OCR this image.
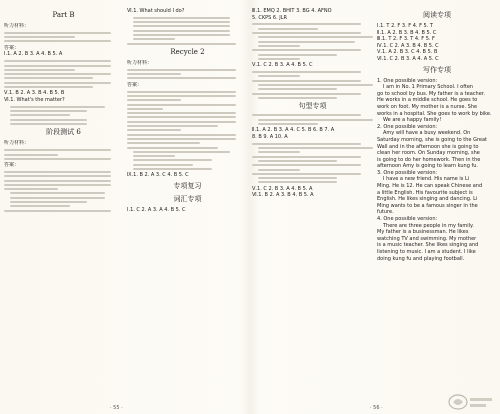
Part B
听力材料：
答案：
Ⅰ.1. A 2. B 3. A 4. B 5. A
Ⅴ.1. B 2. A 3. B 4. B 5. B
Ⅵ.1. What's the matter?
阶段测试 6
听力材料：
答案：
Ⅵ.1. What should I do?
Recycle 2
听力材料：
答案：
Ⅸ.1. B 2. A 3. C 4. B 5. C
专项复习
词汇专项
Ⅰ.1. C 2. A 3. A 4. B 5. C
Ⅲ.1. EMQ 2. BHIT 3. BG 4. AFNO
5. CKPS 6. JLR
Ⅴ.1. C 2. B 3. A 4. B 5. C
句型专项
Ⅱ.1. A 2. B 3. A 4. C 5. B 6. B 7. A
8. B 9. A 10. A
Ⅴ.1. C 2. B 3. A 4. B 5. A
Ⅵ.1. B 2. A 3. B 4. B 5. A
阅读专项
Ⅰ.1. T 2. F 3. F 4. F 5. T
Ⅱ.1. A 2. B 3. B 4. B 5. C
Ⅲ.1. T 2. F 3. T 4. F 5. F
Ⅳ.1. C 2. A 3. B 4. B 5. C
Ⅴ.1. A 2. B 3. C 4. B 5. B
Ⅵ.1. C 2. B 3. A 4. A 5. C
写作专项
1. One possible version：
I am in No. 1 Primary School. I often
go to school by bus. My father is a teacher.
He works in a middle school. He goes to
work on foot. My mother is a nurse. She
works in a hospital. She goes to work by bike.
We are a happy family!
2. One possible version：
Amy will have a busy weekend. On
Saturday morning, she is going to the Great
Wall and in the afternoon she is going to
clean her room. On Sunday morning, she
is going to do her homework. Then in the
afternoon Amy is going to learn kung fu.
3. One possible version：
I have a new friend. His name is Li
Ming. He is 12. He can speak Chinese and
a little English. His favourite subject is
English. He likes singing and dancing. Li
Ming wants to be a famous singer in the
future.
4. One possible version：
There are three people in my family.
My father is a businessman. He likes
watching TV and swimming. My mother
is a music teacher. She likes singing and
listening to music. I am a student. I like
doing kung fu and playing football.
· 55 ·	· 56 ·
